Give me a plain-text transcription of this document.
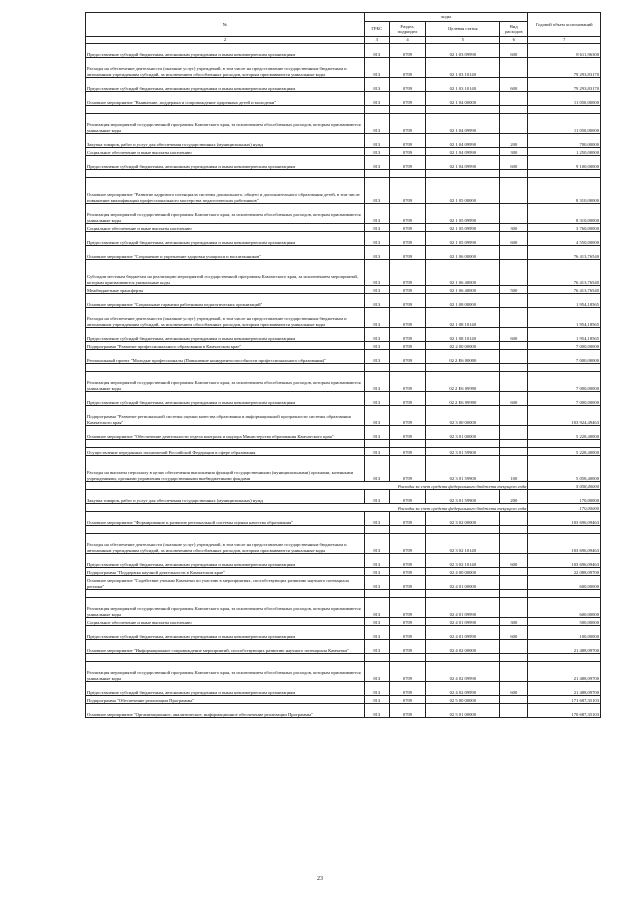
№	коды				Годовой объем ассигнований
	ГРБС	Раздел, подраздел	Целевая статья	Вид расходов	
2	3	4	5	6	7
Предоставление субсидий бюджетным, автономным учреждениям и иным некоммерческим организациям	813	0709	02 1 03 09990	600	8 611,96300
Расходы на обеспечение деятельности (оказание услуг) учреждений, в том числе на предоставление государственным бюджетным и автономным учреждениям субсидий, за исключением обособленных расходов, которым присваиваются уникальные коды	813	0709	02 1 03 10140		79 293,83170
Предоставление субсидий бюджетным, автономным учреждениям и иным некоммерческим организациям	813	0709	02 1 03 10140	600	79 293,83170
Основное мероприятие "Выявление, поддержка и сопровождение одаренных детей и молодежи"	813	0709	02 1 04 00000		11 050,00000

Реализация мероприятий государственной программы Камчатского края, за исключением обособленных расходов, которым присваиваются уникальные коды	813	0709	02 1 04 09990		11 050,00000
Закупка товаров, работ и услуг для обеспечения государственных (муниципальных) нужд	813	0709	02 1 04 09990	200	700,00000
Социальное обеспечение и иные выплаты населению	813	0709	02 1 04 09990	300	1 250,00000
Предоставление субсидий бюджетным, автономным учреждениям и иным некоммерческим организациям	813	0709	02 1 04 09990	600	9 100,00000

Основное мероприятие "Развитие кадрового потенциала системы дошкольного, общего и дополнительного образования детей, в том числе повышение квалификации профессионального мастерства педагогических работников"	813	0709	02 1 05 00000		8 310,00000
Реализация мероприятий государственной программы Камчатского края, за исключением обособленных расходов, которым присваиваются уникальные коды	813	0709	02 1 05 09990		8 310,00000
Социальное обеспечение и иные выплаты населению	813	0709	02 1 05 09990	300	3 760,00000
Предоставление субсидий бюджетным, автономным учреждениям и иным некоммерческим организациям	813	0709	02 1 05 09990	600	4 550,00000
Основное мероприятие "Сохранение и укрепление здоровья учащихся и воспитанников"	813	0709	02 1 06 00000		76 413,76540
Субсидии местным бюджетам на реализацию мероприятий государственной программы Камчатского края, за исключением мероприятий, которым присваиваются уникальные коды	813	0709	02 1 06 40000		76 413,76540
Межбюджетные трансферты	813	0709	02 1 06 40000	500	76 413,76540
Основное мероприятие "Социальные гарантии работникам педагогических организаций"	813	0709	02 1 08 00000		1 954,18565
Расходы на обеспечение деятельности (оказание услуг) учреждений, в том числе на предоставление государственным бюджетным и автономным учреждениям субсидий, за исключением обособленных расходов, которым присваиваются уникальные коды	813	0709	02 1 08 10140		1 954,18565
Предоставление субсидий бюджетным, автономным учреждениям и иным некоммерческим организациям	813	0709	02 1 08 10140	600	1 954,18565
Подпрограмма "Развитие профессионального образования в Камчатском крае"	813	0709	02 2 00 00000		7 000,00000
Региональный проект "Молодые профессионалы (Повышение конкурентоспособности профессионального образования)"	813	0709	02 2 E6 00000		7 000,00000

Реализация мероприятий государственной программы Камчатского края, за исключением обособленных расходов, которым присваиваются уникальные коды	813	0709	02 2 E6 09990		7 000,00000
Предоставление субсидий бюджетным, автономным учреждениям и иным некоммерческим организациям	813	0709	02 2 E6 09990	600	7 000,00000
Подпрограмма "Развитие региональной системы оценки качества образования и информационной прозрачности системы образования Камчатского края"	813	0709	02 3 00 00000		103 924,49463
Основное мероприятие "Обеспечение деятельности отдела контроля и надзора Министерства образования Камчатского края"	813	0709	02 3 01 00000		5 228,40000

Осуществление переданных полномочий Российской Федерации в сфере образования	813	0709	02 3 01 59900		5 228,40000
Расходы на выплаты персоналу в целях обеспечения выполнения функций государственными (муниципальными) органами, казенными учреждениями, органами управления государственными внебюджетными фондами	813	0709	02 3 01 59900	100	5 058,40000
Расходы за счет средств федерального бюджета текущего года					5 058,40000
Закупка товаров, работ и услуг для обеспечения государственных (муниципальных) нужд	813	0709	02 3 01 59900	200	170,00000
Расходы за счет средств федерального бюджета текущего года					170,00000
Основное мероприятие "Формирование и развитие региональной системы оценки качества образования"	813	0709	02 3 02 00000		103 696,09463

Расходы на обеспечение деятельности (оказание услуг) учреждений, в том числе на предоставление государственным бюджетным и автономным учреждениям субсидий, за исключением обособленных расходов, которым присваиваются уникальные коды	813	0709	02 3 02 10140		103 696,09463
Предоставление субсидий бюджетным, автономным учреждениям и иным некоммерческим организациям	813	0709	02 3 02 10140	600	103 696,09463
Подпрограмма "Поддержка научной деятельности в Камчатском крае"	813	0709	02 4 00 00000		22 088,09700
Основное мероприятие "Содействие ученым Камчатки по участию в мероприятиях, способствующих развитию научного потенциала региона"	813	0709	02 4 01 00000		600,00000

Реализация мероприятий государственной программы Камчатского края, за исключением обособленных расходов, которым присваиваются уникальные коды	813	0709	02 4 01 09990		600,00000
Социальное обеспечение и иные выплаты населению	813	0709	02 4 01 09990	300	500,00000
Предоставление субсидий бюджетным, автономным учреждениям и иным некоммерческим организациям	813	0709	02 4 01 09990	600	100,00000
Основное мероприятие "Информационное сопровождение мероприятий, способствующих развитию научного потенциала Камчатки"	813	0709	02 4 02 00000		21 488,09700

Реализация мероприятий государственной программы Камчатского края, за исключением обособленных расходов, которым присваиваются уникальные коды	813	0709	02 4 02 09990		21 488,09700
Предоставление субсидий бюджетным, автономным учреждениям и иным некоммерческим организациям	813	0709	02 4 02 09990	600	21 488,09700
Подпрограмма "Обеспечение реализации Программы"	813	0709	02 5 00 00000		171 687,35103
Основное мероприятие "Организационное, аналитическое, информационное обеспечение реализации Программы"	813	0709	02 5 01 00000		170 687,35103
23
